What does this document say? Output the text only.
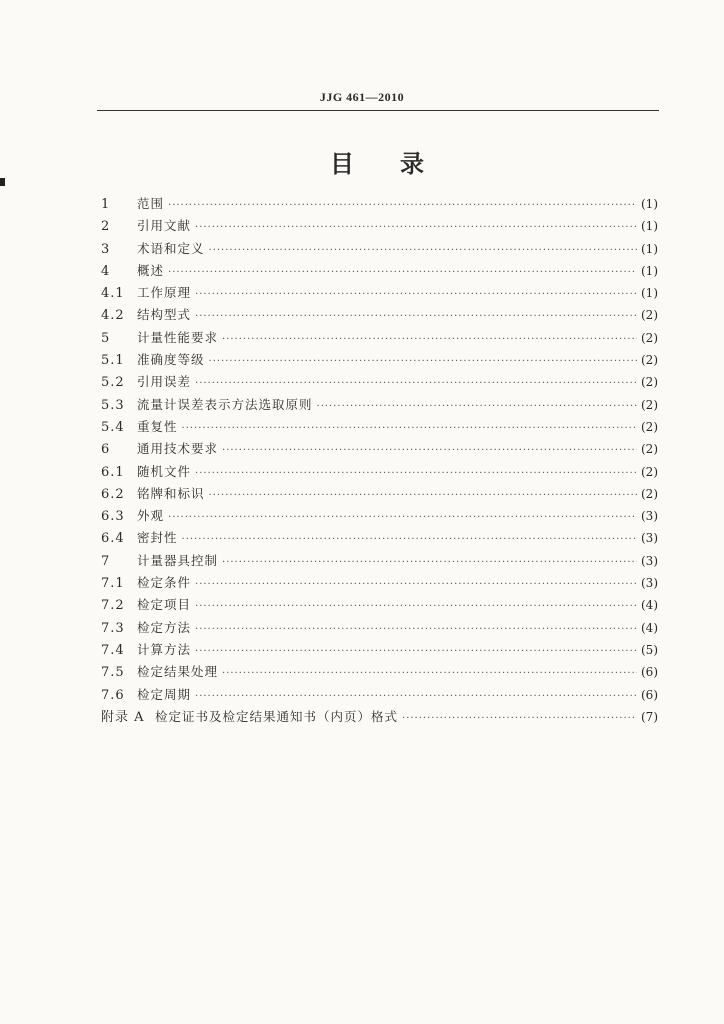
JJG 461—2010
目录
1	范围 ·····	(1)
2	引用文献 ·····	(1)
3	术语和定义 ·····	(1)
4	概述 ·····	(1)
4.1 工作原理 ·····	(1)
4.2 结构型式 ·····	(2)
5	计量性能要求 ·····	(2)
5.1 准确度等级 ·····	(2)
5.2 引用误差 ·····	(2)
5.3 流量计误差表示方法选取原则 ·····	(2)
5.4 重复性 ·····	(2)
6	通用技术要求 ·····	(2)
6.1 随机文件 ·····	(2)
6.2 铭牌和标识 ·····	(2)
6.3 外观 ·····	(3)
6.4 密封性 ·····	(3)
7	计量器具控制 ·····	(3)
7.1 检定条件 ·····	(3)
7.2 检定项目 ·····	(4)
7.3 检定方法 ·····	(4)
7.4 计算方法 ·····	(5)
7.5 检定结果处理 ·····	(6)
7.6 检定周期 ·····	(6)
附录 A 检定证书及检定结果通知书（内页）格式 ·····	(7)
